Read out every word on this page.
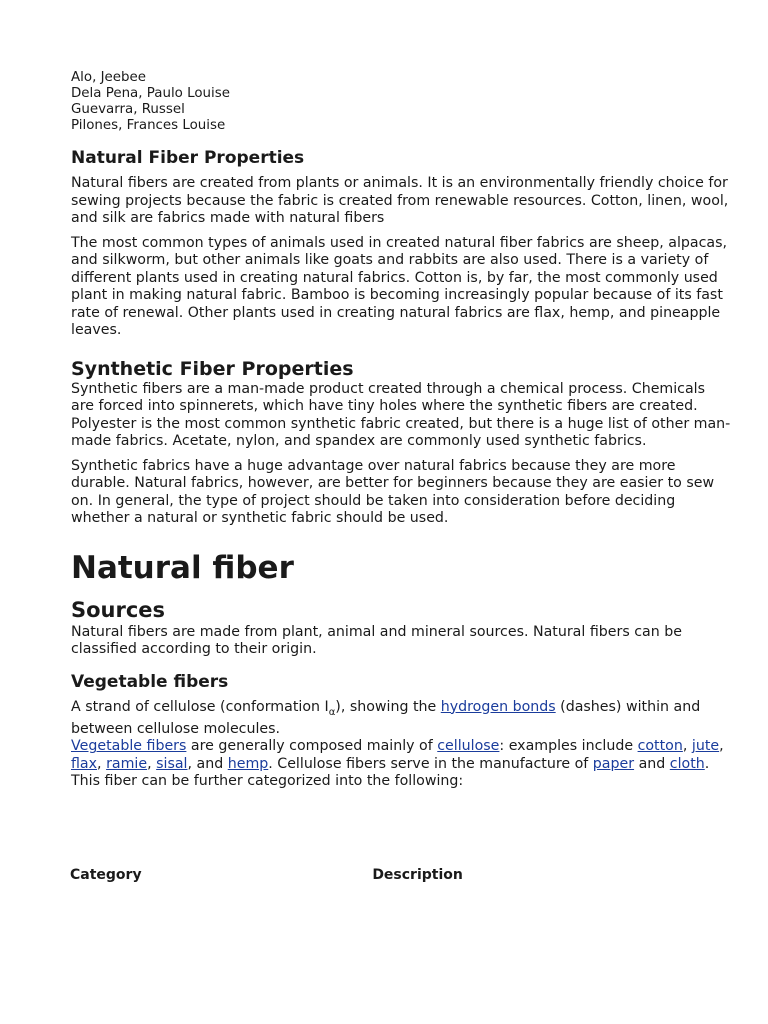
Alo, Jeebee
Dela Pena, Paulo Louise
Guevarra, Russel
Pilones, Frances Louise
Natural Fiber Properties

Natural fibers are created from plants or animals. It is an environmentally friendly choice for sewing projects because the fabric is created from renewable resources. Cotton, linen, wool, and silk are fabrics made with natural fibers

The most common types of animals used in created natural fiber fabrics are sheep, alpacas, and silkworm, but other animals like goats and rabbits are also used. There is a variety of different plants used in creating natural fabrics. Cotton is, by far, the most commonly used plant in making natural fabric. Bamboo is becoming increasingly popular because of its fast rate of renewal. Other plants used in creating natural fabrics are flax, hemp, and pineapple leaves.

Synthetic Fiber Properties

Synthetic fibers are a man-made product created through a chemical process. Chemicals are forced into spinnerets, which have tiny holes where the synthetic fibers are created. Polyester is the most common synthetic fabric created, but there is a huge list of other man-made fabrics. Acetate, nylon, and spandex are commonly used synthetic fabrics.

Synthetic fabrics have a huge advantage over natural fabrics because they are more durable. Natural fabrics, however, are better for beginners because they are easier to sew on. In general, the type of project should be taken into consideration before deciding whether a natural or synthetic fabric should be used.

Natural fiber
Sources

Natural fibers are made from plant, animal and mineral sources. Natural fibers can be classified according to their origin.

Vegetable fibers

A strand of cellulose (conformation $I_\alpha$), showing the hydrogen bonds (dashes) within and between cellulose molecules.

Vegetable fibers are generally composed mainly of cellulose: examples include cotton, jute, flax, ramie, sisal, and hemp. Cellulose fibers serve in the manufacture of paper and cloth. This fiber can be further categorized into the following:

Category	Description
